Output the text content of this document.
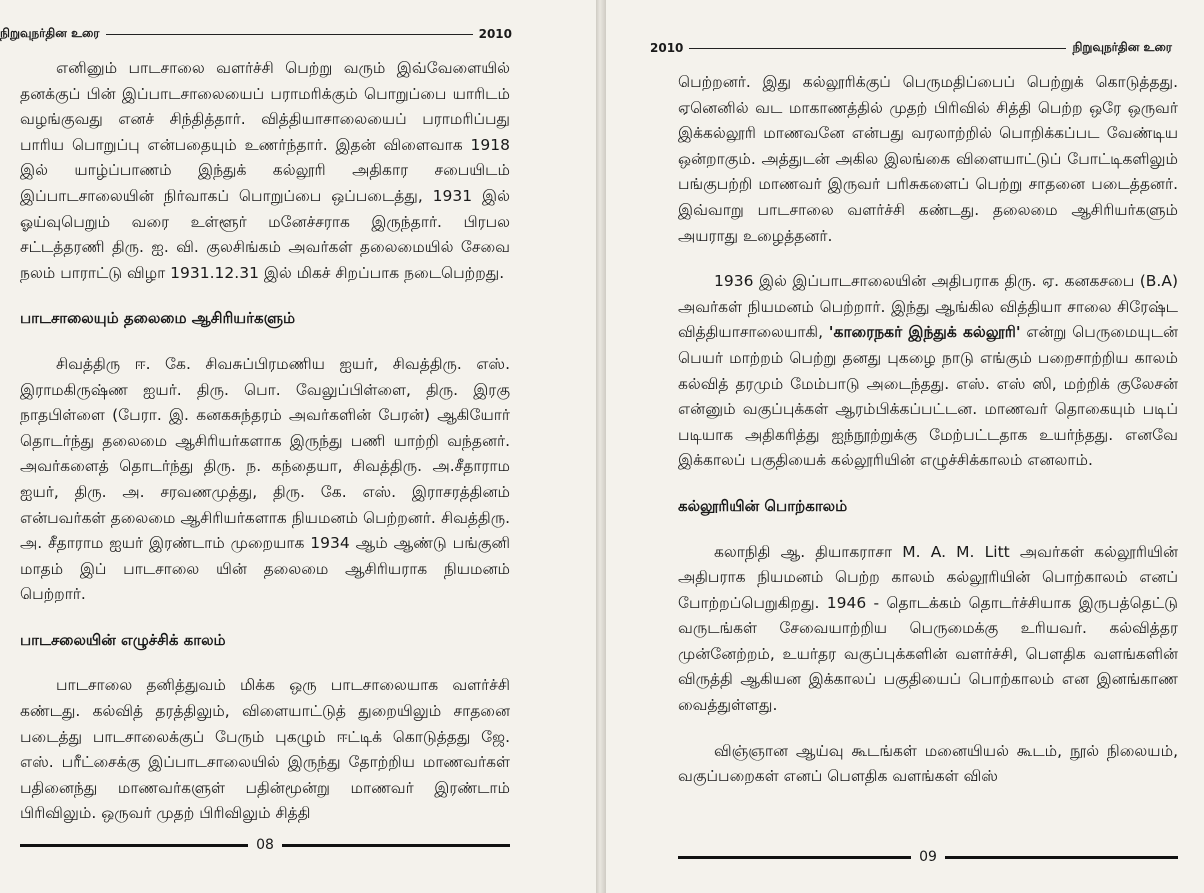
நிறுவுநர்தின உரை	2010

எனினும் பாடசாலை வளர்ச்சி பெற்று வரும் இவ்வேளையில் தனக்குப் பின் இப்பாடசாலையைப் பராமரிக்கும் பொறுப்பை யாரிடம் வழங்குவது எனச் சிந்தித்தார். வித்தியாசாலையைப் பராமரிப்பது பாரிய பொறுப்பு என்பதையும் உணர்ந்தார். இதன் விளைவாக 1918 இல் யாழ்ப்பாணம் இந்துக் கல்லூரி அதிகார சபையிடம் இப்பாடசாலையின் நிர்வாகப் பொறுப்பை ஒப்படைத்து, 1931 இல் ஓய்வுபெறும் வரை உள்ளூர் மனேச்சராக இருந்தார். பிரபல சட்டத்தரணி திரு. ஐ. வி. குலசிங்கம் அவர்கள் தலைமையில் சேவை நலம் பாராட்டு விழா 1931.12.31 இல் மிகச் சிறப்பாக நடைபெற்றது.

பாடசாலையும் தலைமை ஆசிரியர்களும்

சிவத்திரு ஈ. கே. சிவசுப்பிரமணிய ஐயர், சிவத்திரு. எஸ். இராமகிருஷ்ண ஐயர். திரு. பொ. வேலுப்பிள்ளை, திரு. இரகு நாதபிள்ளை (பேரா. இ. கனகசுந்தரம் அவர்களின் பேரன்) ஆகியோர் தொடர்ந்து தலைமை ஆசிரியர்களாக இருந்து பணி யாற்றி வந்தனர். அவர்களைத் தொடர்ந்து திரு. ந. கந்தையா, சிவத்திரு. அ.சீதாராம ஐயர், திரு. அ. சரவணமுத்து, திரு. கே. எஸ். இராசரத்தினம் என்பவர்கள் தலைமை ஆசிரியர்களாக நியமனம் பெற்றனர். சிவத்திரு. அ. சீதாராம ஐயர் இரண்டாம் முறையாக 1934 ஆம் ஆண்டு பங்குனி மாதம் இப் பாடசாலை யின் தலைமை ஆசிரியராக நியமனம் பெற்றார்.

பாடசலையின் எழுச்சிக் காலம்

பாடசாலை தனித்துவம் மிக்க ஒரு பாடசாலையாக வளர்ச்சி கண்டது. கல்வித் தரத்திலும், விளையாட்டுத் துறையிலும் சாதனை படைத்து பாடசாலைக்குப் பேரும் புகழும் ஈட்டிக் கொடுத்தது ஜே. எஸ். பரீட்சைக்கு இப்பாடசாலையில் இருந்து தோற்றிய மாணவர்கள் பதினைந்து மாணவர்களுள் பதின்மூன்று மாணவர் இரண்டாம் பிரிவிலும். ஒருவர் முதற் பிரிவிலும் சித்தி

08
2010	நிறுவுநர்தின உரை

பெற்றனர். இது கல்லூரிக்குப் பெருமதிப்பைப் பெற்றுக் கொடுத்தது. ஏனெனில் வட மாகாணத்தில் முதற் பிரிவில் சித்தி பெற்ற ஒரே ஒருவர் இக்கல்லூரி மாணவனே என்பது வரலாற்றில் பொறிக்கப்பட வேண்டிய ஒன்றாகும். அத்துடன் அகில இலங்கை விளையாட்டுப் போட்டிகளிலும் பங்குபற்றி மாணவர் இருவர் பரிசுகளைப் பெற்று சாதனை படைத்தனர். இவ்வாறு பாடசாலை வளர்ச்சி கண்டது. தலைமை ஆசிரியர்களும் அயராது உழைத்தனர்.

1936 இல் இப்பாடசாலையின் அதிபராக திரு. ஏ. கனகசபை (B.A) அவர்கள் நியமனம் பெற்றார். இந்து ஆங்கில வித்தியா சாலை சிரேஷ்ட வித்தியாசாலையாகி, 'காரைநகர் இந்துக் கல்லூரி' என்று பெருமையுடன் பெயர் மாற்றம் பெற்று தனது புகழை நாடு எங்கும் பறைசாற்றிய காலம் கல்வித் தரமும் மேம்பாடு அடைந்தது. எஸ். எஸ் ஸி, மற்றிக் குலேசன் என்னும் வகுப்புக்கள் ஆரம்பிக்கப்பட்டன. மாணவர் தொகையும் படிப் படியாக அதிகரித்து ஐந்நூற்றுக்கு மேற்பட்டதாக உயர்ந்தது. எனவே இக்காலப் பகுதியைக் கல்லூரியின் எழுச்சிக்காலம் எனலாம்.

கல்லூரியின் பொற்காலம்

கலாநிதி ஆ. தியாகராசா M. A. M. Litt அவர்கள் கல்லூரியின் அதிபராக நியமனம் பெற்ற காலம் கல்லூரியின் பொற்காலம் எனப் போற்றப்பெறுகிறது. 1946 - தொடக்கம் தொடர்ச்சியாக இருபத்தெட்டு வருடங்கள் சேவையாற்றிய பெருமைக்கு உரியவர். கல்வித்தர முன்னேற்றம், உயர்தர வகுப்புக்களின் வளர்ச்சி, பௌதிக வளங்களின் விருத்தி ஆகியன இக்காலப் பகுதியைப் பொற்காலம் என இனங்காண வைத்துள்ளது.

விஞ்ஞான ஆய்வு கூடங்கள் மனையியல் கூடம், நூல் நிலையம், வகுப்பறைகள் எனப் பௌதிக வளங்கள் விஸ்

09
